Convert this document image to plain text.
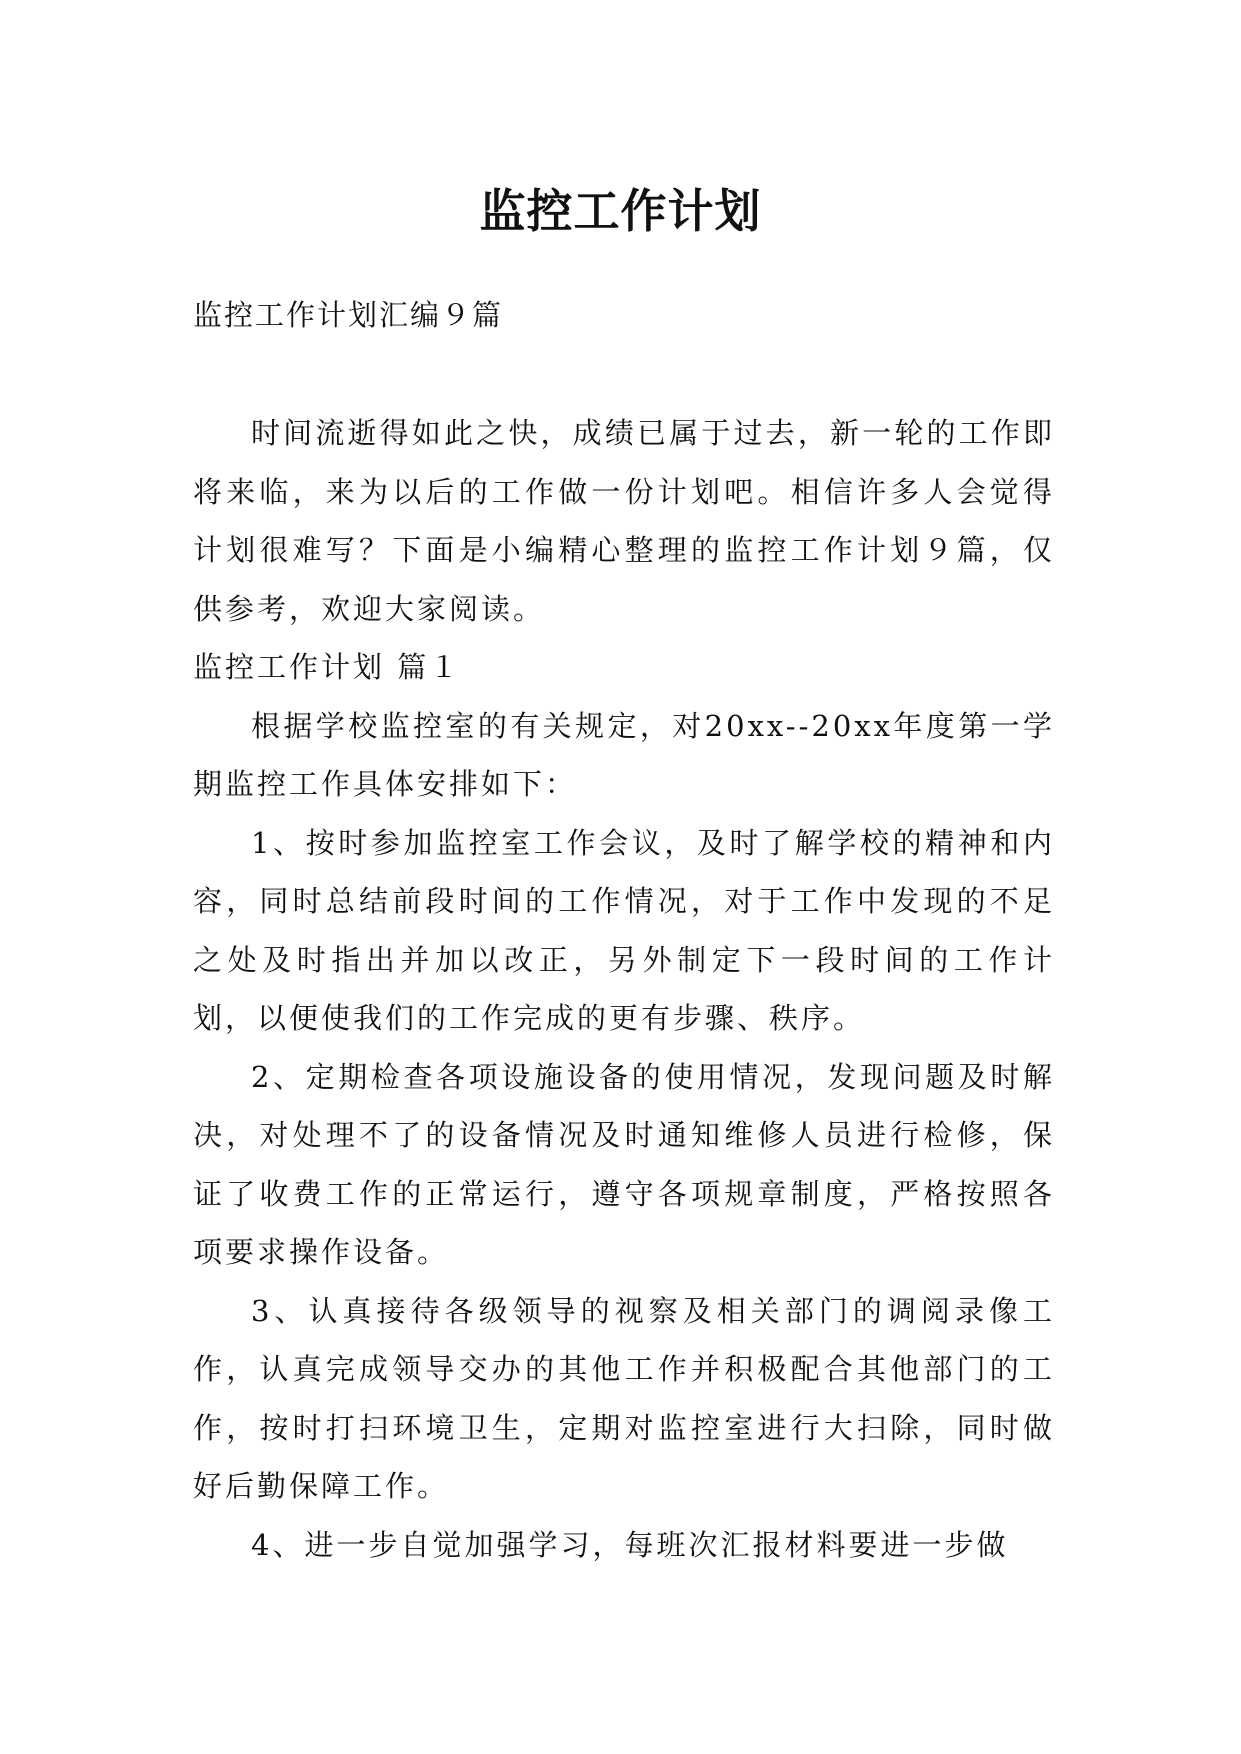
监控工作计划
监控工作计划汇编９篇

时间流逝得如此之快，成绩已属于过去，新一轮的工作即将来临，来为以后的工作做一份计划吧。相信许多人会觉得计划很难写？下面是小编精心整理的监控工作计划９篇，仅供参考，欢迎大家阅读。

监控工作计划 篇１

根据学校监控室的有关规定，对20xx--20xx年度第一学期监控工作具体安排如下：

1、按时参加监控室工作会议，及时了解学校的精神和内容，同时总结前段时间的工作情况，对于工作中发现的不足之处及时指出并加以改正，另外制定下一段时间的工作计划，以便使我们的工作完成的更有步骤、秩序。

2、定期检查各项设施设备的使用情况，发现问题及时解决，对处理不了的设备情况及时通知维修人员进行检修，保证了收费工作的正常运行，遵守各项规章制度，严格按照各项要求操作设备。

3、认真接待各级领导的视察及相关部门的调阅录像工作，认真完成领导交办的其他工作并积极配合其他部门的工作，按时打扫环境卫生，定期对监控室进行大扫除，同时做好后勤保障工作。

4、进一步自觉加强学习，每班次汇报材料要进一步做
